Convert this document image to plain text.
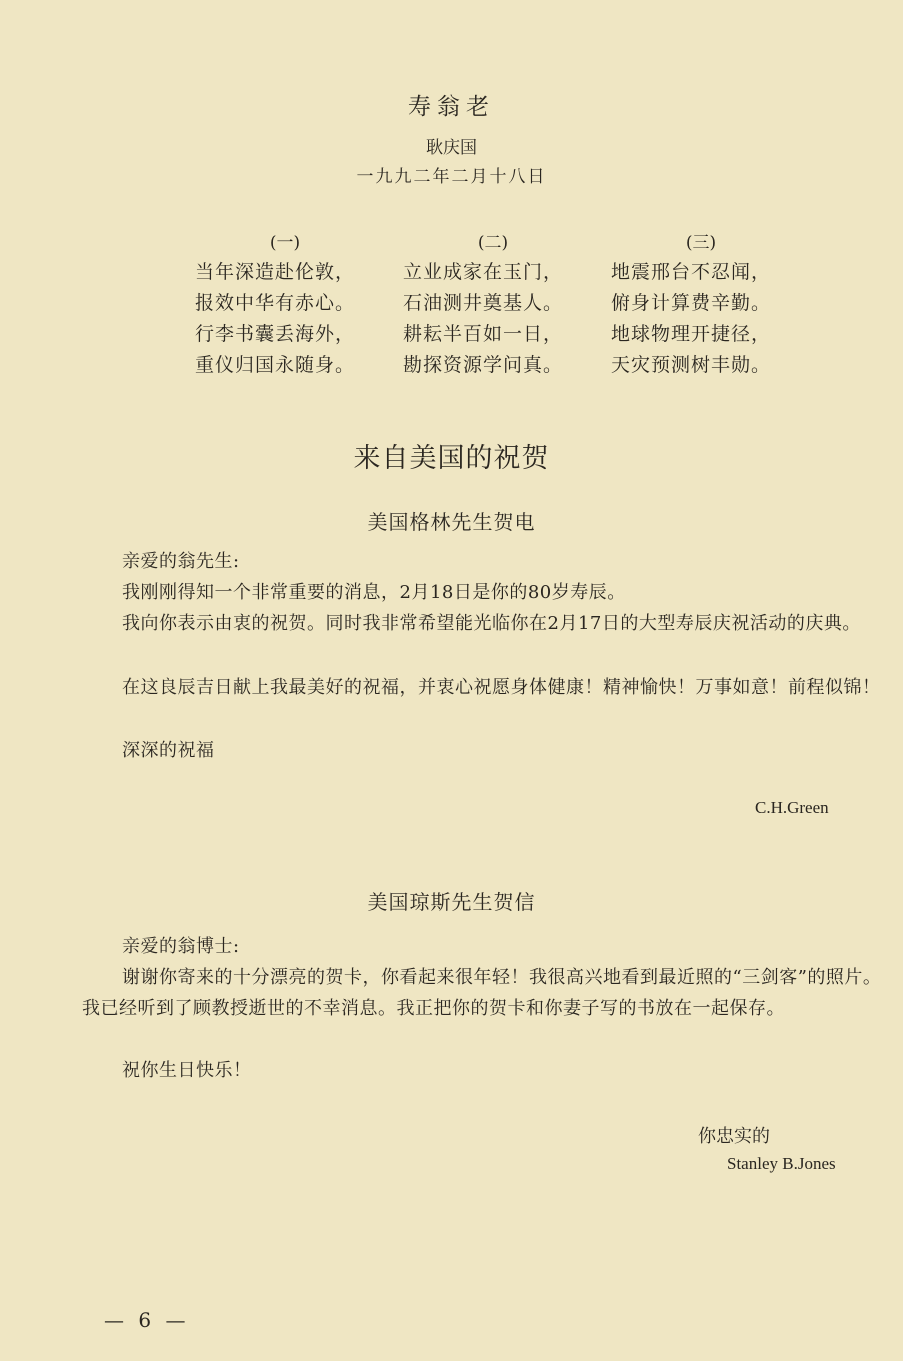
寿翁老
耿庆国
一九九二年二月十八日
(一)
当年深造赴伦敦，
报效中华有赤心。
行李书囊丢海外，
重仪归国永随身。
(二)
立业成家在玉门，
石油测井奠基人。
耕耘半百如一日，
勘探资源学问真。
(三)
地震邢台不忍闻，
俯身计算费辛勤。
地球物理开捷径，
天灾预测树丰勋。
来自美国的祝贺
美国格林先生贺电
亲爱的翁先生:
我刚刚得知一个非常重要的消息，2月18日是你的80岁寿辰。
我向你表示由衷的祝贺。同时我非常希望能光临你在2月17日的大型寿辰庆祝活动的庆典。
在这良辰吉日献上我最美好的祝福，并衷心祝愿身体健康！精神愉快！万事如意！前程似锦！
深深的祝福
C.H.Green
美国琼斯先生贺信
亲爱的翁博士:
谢谢你寄来的十分漂亮的贺卡，你看起来很年轻！我很高兴地看到最近照的“三剑客”的照片。我已经听到了顾教授逝世的不幸消息。我正把你的贺卡和你妻子写的书放在一起保存。
祝你生日快乐！
你忠实的
Stanley B.Jones
— 6 —
